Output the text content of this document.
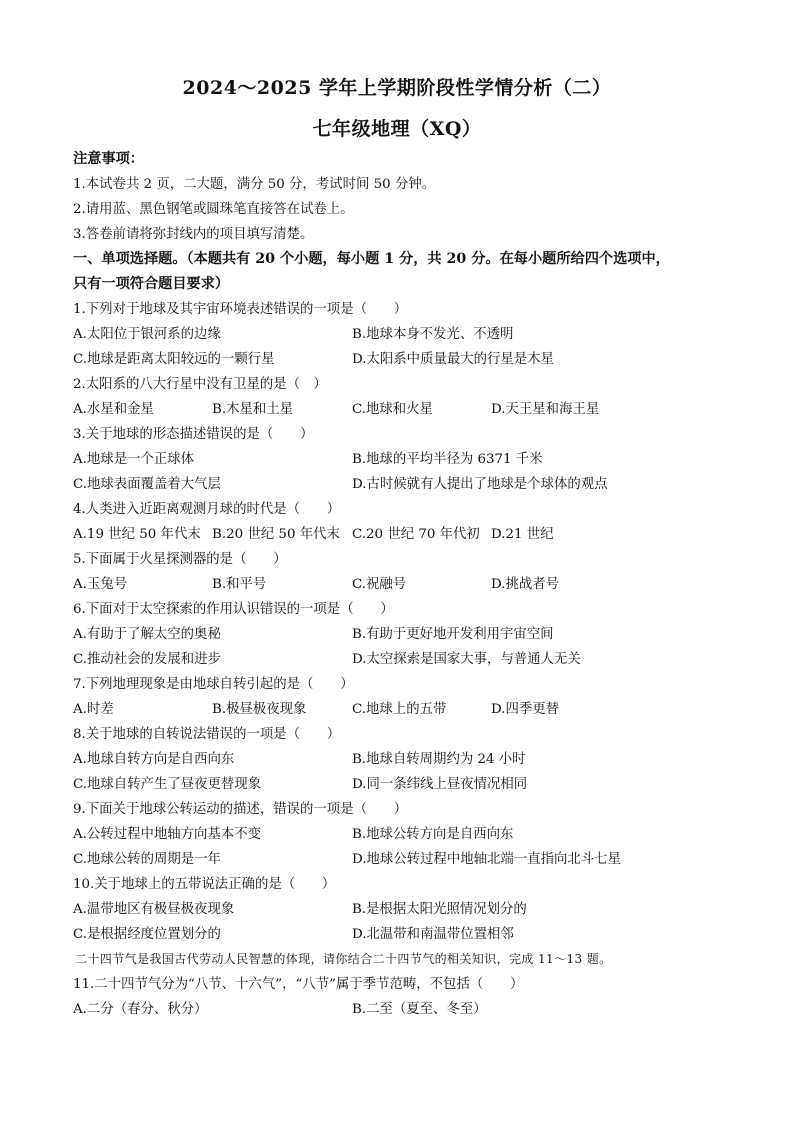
2024～2025 学年上学期阶段性学情分析（二）
七年级地理（XQ）
注意事项：
1.本试卷共 2 页，二大题，满分 50 分，考试时间 50 分钟。
2.请用蓝、黑色钢笔或圆珠笔直接答在试卷上。
3.答卷前请将弥封线内的项目填写清楚。
一、单项选择题。（本题共有 20 个小题，每小题 1 分，共 20 分。在每小题所给四个选项中，
只有一项符合题目要求）
1.下列对于地球及其宇宙环境表述错误的一项是（　　）
A.太阳位于银河系的边缘	B.地球本身不发光、不透明
C.地球是距离太阳较远的一颗行星	D.太阳系中质量最大的行星是木星
2.太阳系的八大行星中没有卫星的是（　）
A.水星和金星	B.木星和土星	C.地球和火星	D.天王星和海王星
3.关于地球的形态描述错误的是（　　）
A.地球是一个正球体	B.地球的平均半径为 6371 千米
C.地球表面覆盖着大气层	D.古时候就有人提出了地球是个球体的观点
4.人类进入近距离观测月球的时代是（　　）
A.19 世纪 50 年代末 B.20 世纪 50 年代末 C.20 世纪 70 年代初 D.21 世纪
5.下面属于火星探测器的是（　　）
A.玉兔号	B.和平号	C.祝融号	D.挑战者号
6.下面对于太空探索的作用认识错误的一项是（　　）
A.有助于了解太空的奥秘	B.有助于更好地开发利用宇宙空间
C.推动社会的发展和进步	D.太空探索是国家大事，与普通人无关
7.下列地理现象是由地球自转引起的是（　　）
A.时差	B.极昼极夜现象	C.地球上的五带	D.四季更替
8.关于地球的自转说法错误的一项是（　　）
A.地球自转方向是自西向东	B.地球自转周期约为 24 小时
C.地球自转产生了昼夜更替现象	D.同一条纬线上昼夜情况相同
9.下面关于地球公转运动的描述，错误的一项是（　　）
A.公转过程中地轴方向基本不变	B.地球公转方向是自西向东
C.地球公转的周期是一年	D.地球公转过程中地轴北端一直指向北斗七星
10.关于地球上的五带说法正确的是（　　）
A.温带地区有极昼极夜现象	B.是根据太阳光照情况划分的
C.是根据经度位置划分的	D.北温带和南温带位置相邻
二十四节气是我国古代劳动人民智慧的体现，请你结合二十四节气的相关知识，完成 11～13 题。
11.二十四节气分为“八节、十六气”，“八节”属于季节范畴，不包括（　　）
A.二分（春分、秋分）	B.二至（夏至、冬至）
